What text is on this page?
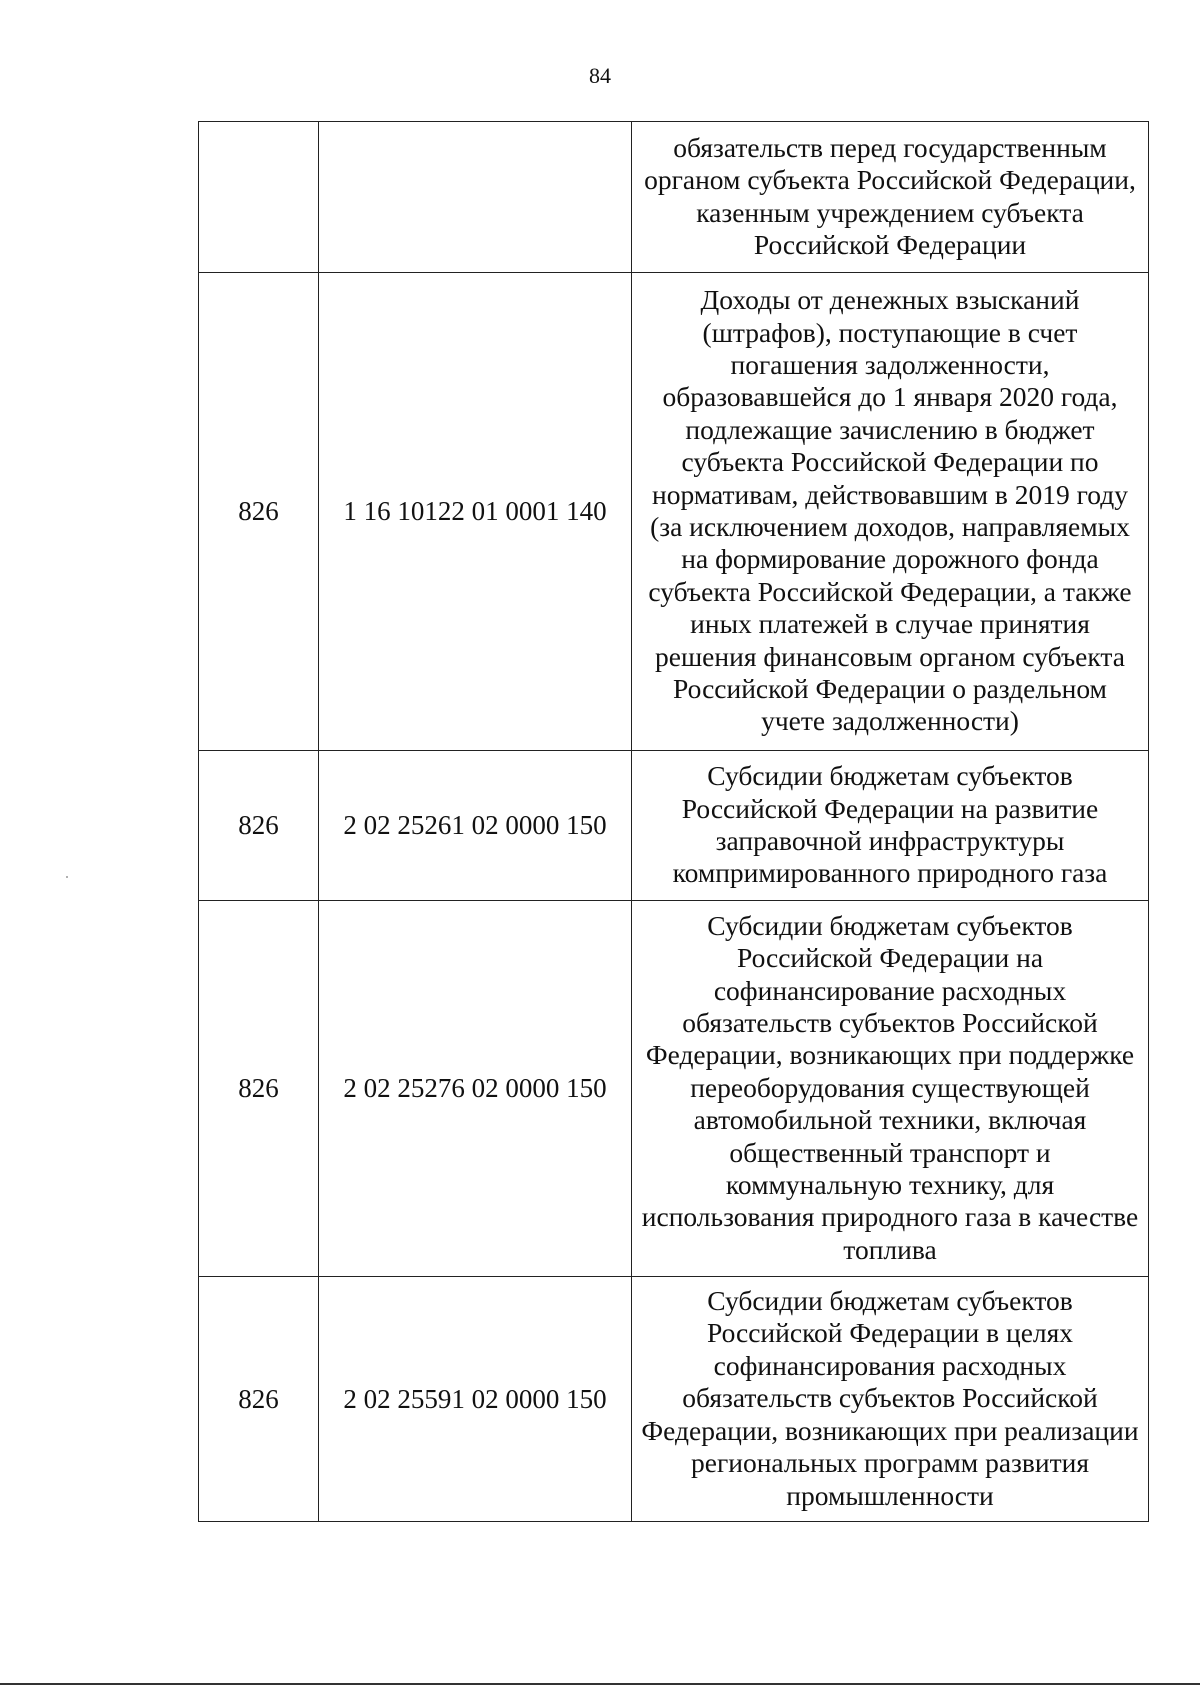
84
		обязательств перед государственным органом субъекта Российской Федерации, казенным учреждением субъекта Российской Федерации
826	1 16 10122 01 0001 140	Доходы от денежных взысканий (штрафов), поступающие в счет погашения задолженности, образовавшейся до 1 января 2020 года, подлежащие зачислению в бюджет субъекта Российской Федерации по нормативам, действовавшим в 2019 году (за исключением доходов, направляемых на формирование дорожного фонда субъекта Российской Федерации, а также иных платежей в случае принятия решения финансовым органом субъекта Российской Федерации о раздельном учете задолженности)
826	2 02 25261 02 0000 150	Субсидии бюджетам субъектов Российской Федерации на развитие заправочной инфраструктуры компримированного природного газа
826	2 02 25276 02 0000 150	Субсидии бюджетам субъектов Российской Федерации на софинансирование расходных обязательств субъектов Российской Федерации, возникающих при поддержке переоборудования существующей автомобильной техники, включая общественный транспорт и коммунальную технику, для использования природного газа в качестве топлива
826	2 02 25591 02 0000 150	Субсидии бюджетам субъектов Российской Федерации в целях софинансирования расходных обязательств субъектов Российской Федерации, возникающих при реализации региональных программ развития промышленности
